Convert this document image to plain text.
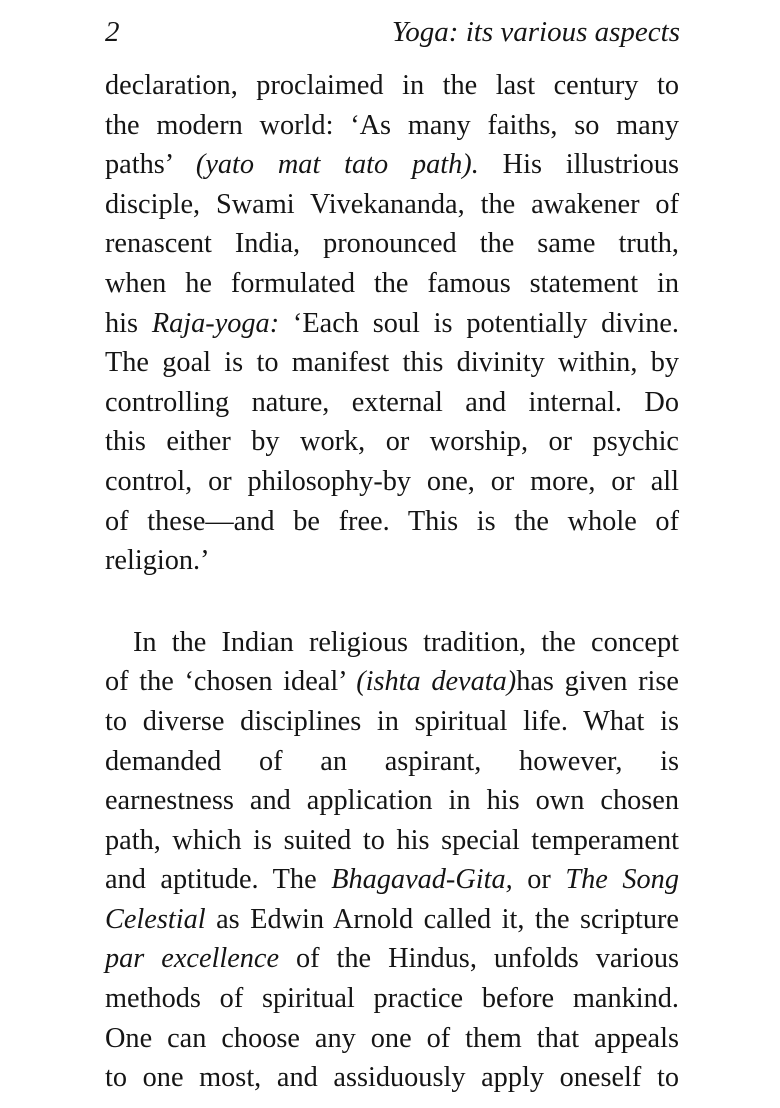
2	Yoga: its various aspects
declaration, proclaimed in the last century to
the modern world: ‘As many faiths, so many
paths’ (yato mat tato path). His illustrious
disciple, Swami Vivekananda, the awakener of
renascent India, pronounced the same truth,
when he formulated the famous statement in
his Raja-yoga: ‘Each soul is potentially divine.
The goal is to manifest this divinity within, by
controlling nature, external and internal. Do
this either by work, or worship, or psychic
control, or philosophy-by one, or more, or all
of these—and be free. This is the whole of
religion.’
In the Indian religious tradition, the concept
of the ‘chosen ideal’ (ishta devata)has given rise
to diverse disciplines in spiritual life. What is
demanded of an aspirant, however, is
earnestness and application in his own chosen
path, which is suited to his special temperament
and aptitude. The Bhagavad-Gita, or The Song
Celestial as Edwin Arnold called it, the scripture
par excellence of the Hindus, unfolds various
methods of spiritual practice before mankind.
One can choose any one of them that appeals
to one most, and assiduously apply oneself to
